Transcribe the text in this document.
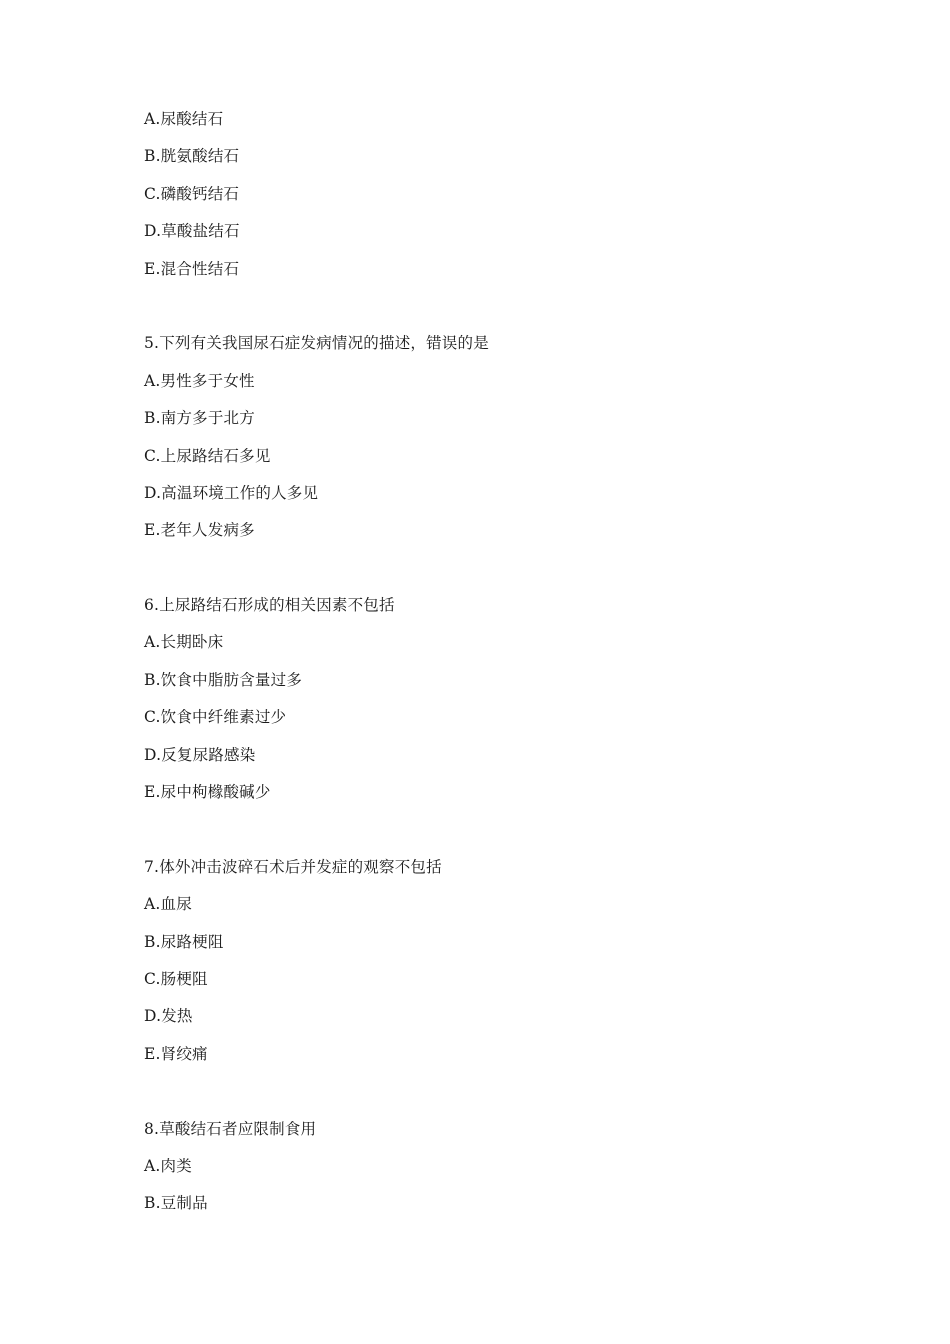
A.尿酸结石
B.胱氨酸结石
C.磷酸钙结石
D.草酸盐结石
E.混合性结石
5.下列有关我国尿石症发病情况的描述，错误的是
A.男性多于女性
B.南方多于北方
C.上尿路结石多见
D.高温环境工作的人多见
E.老年人发病多
6.上尿路结石形成的相关因素不包括
A.长期卧床
B.饮食中脂肪含量过多
C.饮食中纤维素过少
D.反复尿路感染
E.尿中枸橼酸碱少
7.体外冲击波碎石术后并发症的观察不包括
A.血尿
B.尿路梗阻
C.肠梗阻
D.发热
E.肾绞痛
8.草酸结石者应限制食用
A.肉类
B.豆制品
